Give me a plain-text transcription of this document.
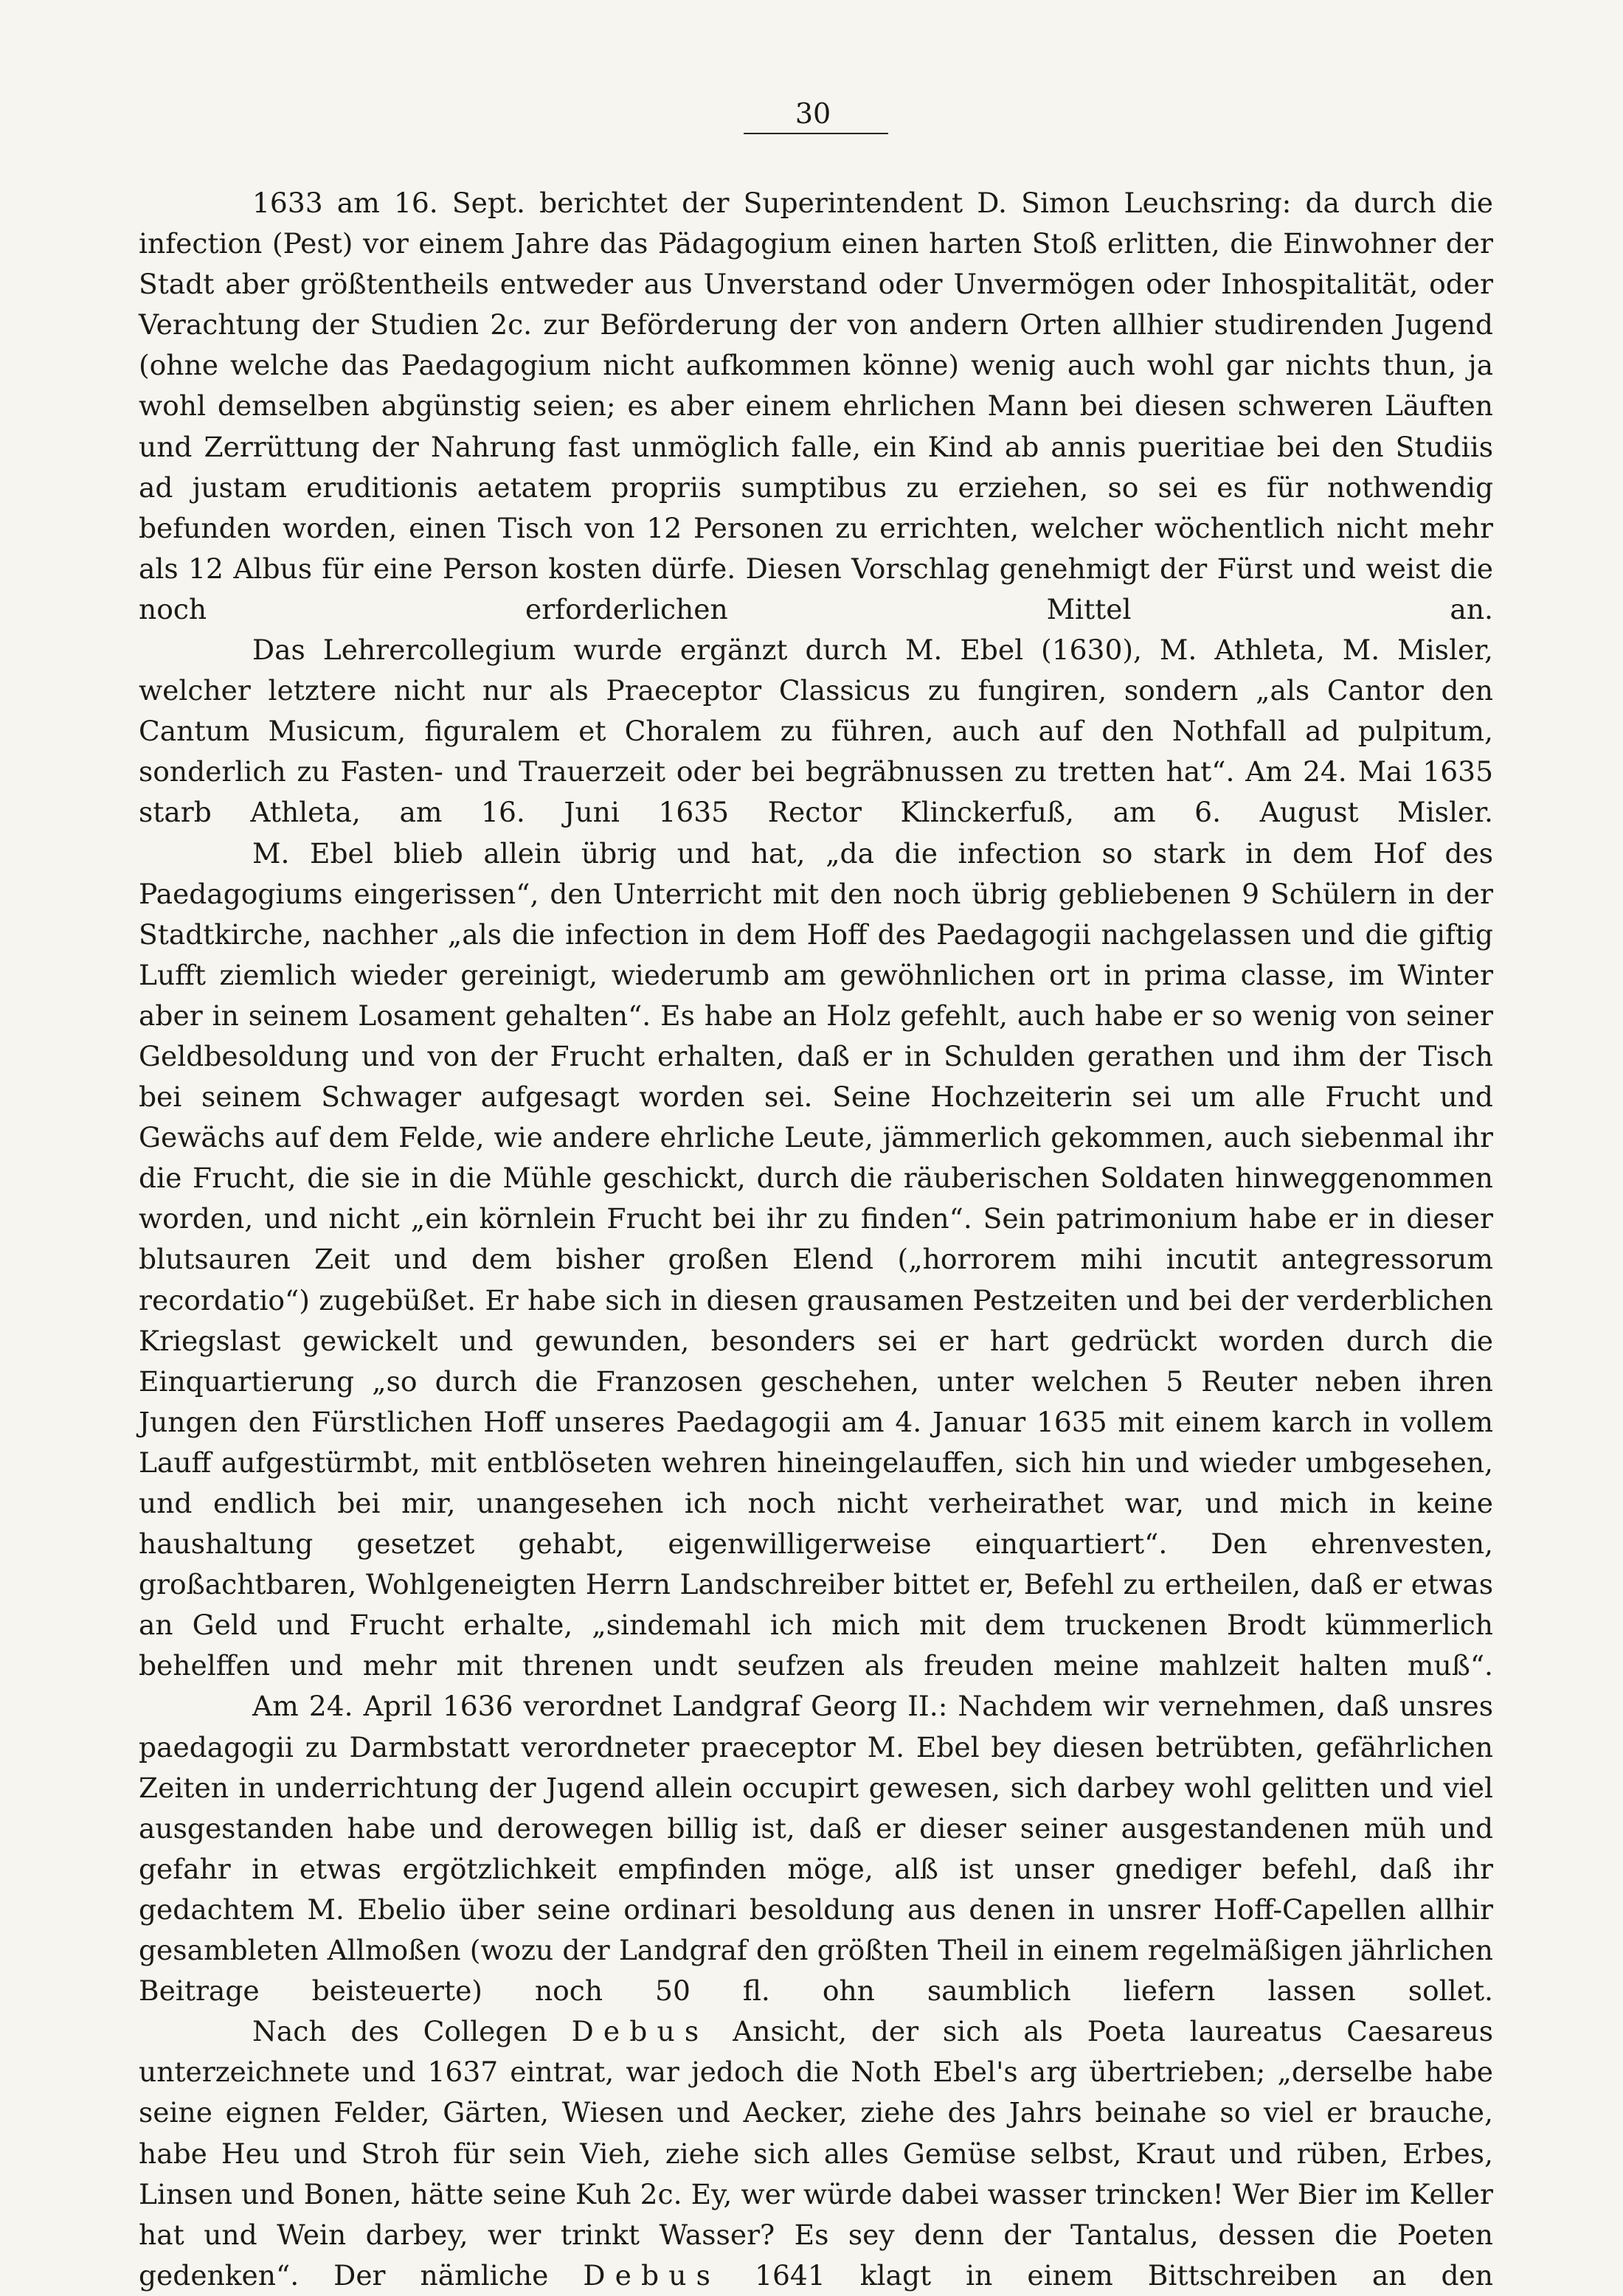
30

1633 am 16. Sept. berichtet der Superintendent D. Simon Leuchsring: da durch die infection (Pest) vor einem Jahre das Pädagogium einen harten Stoß erlitten, die Einwohner der Stadt aber größtentheils entweder aus Unverstand oder Unvermögen oder Inhospitalität, oder Verachtung der Studien 2c. zur Beförderung der von andern Orten allhier studirenden Jugend (ohne welche das Paedagogium nicht aufkommen könne) wenig auch wohl gar nichts thun, ja wohl demselben abgünstig seien; es aber einem ehrlichen Mann bei diesen schweren Läuften und Zerrüttung der Nahrung fast unmöglich falle, ein Kind ab annis pueritiae bei den Studiis ad justam eruditionis aetatem propriis sumptibus zu erziehen, so sei es für nothwendig befunden worden, einen Tisch von 12 Personen zu errichten, welcher wöchentlich nicht mehr als 12 Albus für eine Person kosten dürfe. Diesen Vorschlag genehmigt der Fürst und weist die noch erforderlichen Mittel an.

Das Lehrercollegium wurde ergänzt durch M. Ebel (1630), M. Athleta, M. Misler, welcher letztere nicht nur als Praeceptor Classicus zu fungiren, sondern „als Cantor den Cantum Musicum, figuralem et Choralem zu führen, auch auf den Nothfall ad pulpitum, sonderlich zu Fasten- und Trauerzeit oder bei begräbnussen zu tretten hat“. Am 24. Mai 1635 starb Athleta, am 16. Juni 1635 Rector Klinckerfuß, am 6. August Misler.

M. Ebel blieb allein übrig und hat, „da die infection so stark in dem Hof des Paedagogiums eingerissen“, den Unterricht mit den noch übrig gebliebenen 9 Schülern in der Stadtkirche, nachher „als die infection in dem Hoff des Paedagogii nachgelassen und die giftig Lufft ziemlich wieder gereinigt, wiederumb am gewöhnlichen ort in prima classe, im Winter aber in seinem Losament gehalten“. Es habe an Holz gefehlt, auch habe er so wenig von seiner Geldbesoldung und von der Frucht erhalten, daß er in Schulden gerathen und ihm der Tisch bei seinem Schwager aufgesagt worden sei. Seine Hochzeiterin sei um alle Frucht und Gewächs auf dem Felde, wie andere ehrliche Leute, jämmerlich gekommen, auch siebenmal ihr die Frucht, die sie in die Mühle geschickt, durch die räuberischen Soldaten hinweggenommen worden, und nicht „ein körnlein Frucht bei ihr zu finden“. Sein patrimonium habe er in dieser blutsauren Zeit und dem bisher großen Elend („horrorem mihi incutit antegressorum recordatio“) zugebüßet. Er habe sich in diesen grausamen Pestzeiten und bei der verderblichen Kriegslast gewickelt und gewunden, besonders sei er hart gedrückt worden durch die Einquartierung „so durch die Franzosen geschehen, unter welchen 5 Reuter neben ihren Jungen den Fürstlichen Hoff unseres Paedagogii am 4. Januar 1635 mit einem karch in vollem Lauff aufgestürmbt, mit entblöseten wehren hineingelauffen, sich hin und wieder umbgesehen, und endlich bei mir, unangesehen ich noch nicht verheirathet war, und mich in keine haushaltung gesetzet gehabt, eigenwilligerweise einquartiert“. Den ehrenvesten, großachtbaren, Wohlgeneigten Herrn Landschreiber bittet er, Befehl zu ertheilen, daß er etwas an Geld und Frucht erhalte, „sindemahl ich mich mit dem truckenen Brodt kümmerlich behelffen und mehr mit threnen undt seufzen als freuden meine mahlzeit halten muß“.

Am 24. April 1636 verordnet Landgraf Georg II.: Nachdem wir vernehmen, daß unsres paedagogii zu Darmbstatt verordneter praeceptor M. Ebel bey diesen betrübten, gefährlichen Zeiten in underrichtung der Jugend allein occupirt gewesen, sich darbey wohl gelitten und viel ausgestanden habe und derowegen billig ist, daß er dieser seiner ausgestandenen müh und gefahr in etwas ergötzlichkeit empfinden möge, alß ist unser gnediger befehl, daß ihr gedachtem M. Ebelio über seine ordinari besoldung aus denen in unsrer Hoff-Capellen allhir gesambleten Allmoßen (wozu der Landgraf den größten Theil in einem regelmäßigen jährlichen Beitrage beisteuerte) noch 50 fl. ohn saumblich liefern lassen sollet.

Nach des Collegen Debus Ansicht, der sich als Poeta laureatus Caesareus unterzeichnete und 1637 eintrat, war jedoch die Noth Ebel's arg übertrieben; „derselbe habe seine eignen Felder, Gärten, Wiesen und Aecker, ziehe des Jahrs beinahe so viel er brauche, habe Heu und Stroh für sein Vieh, ziehe sich alles Gemüse selbst, Kraut und rüben, Erbes, Linsen und Bonen, hätte seine Kuh 2c. Ey, wer würde dabei wasser trincken! Wer Bier im Keller hat und Wein darbey, wer trinkt Wasser? Es sey denn der Tantalus, dessen die Poeten gedenken“. Der nämliche Debus 1641 klagt in einem Bittschreiben an den
